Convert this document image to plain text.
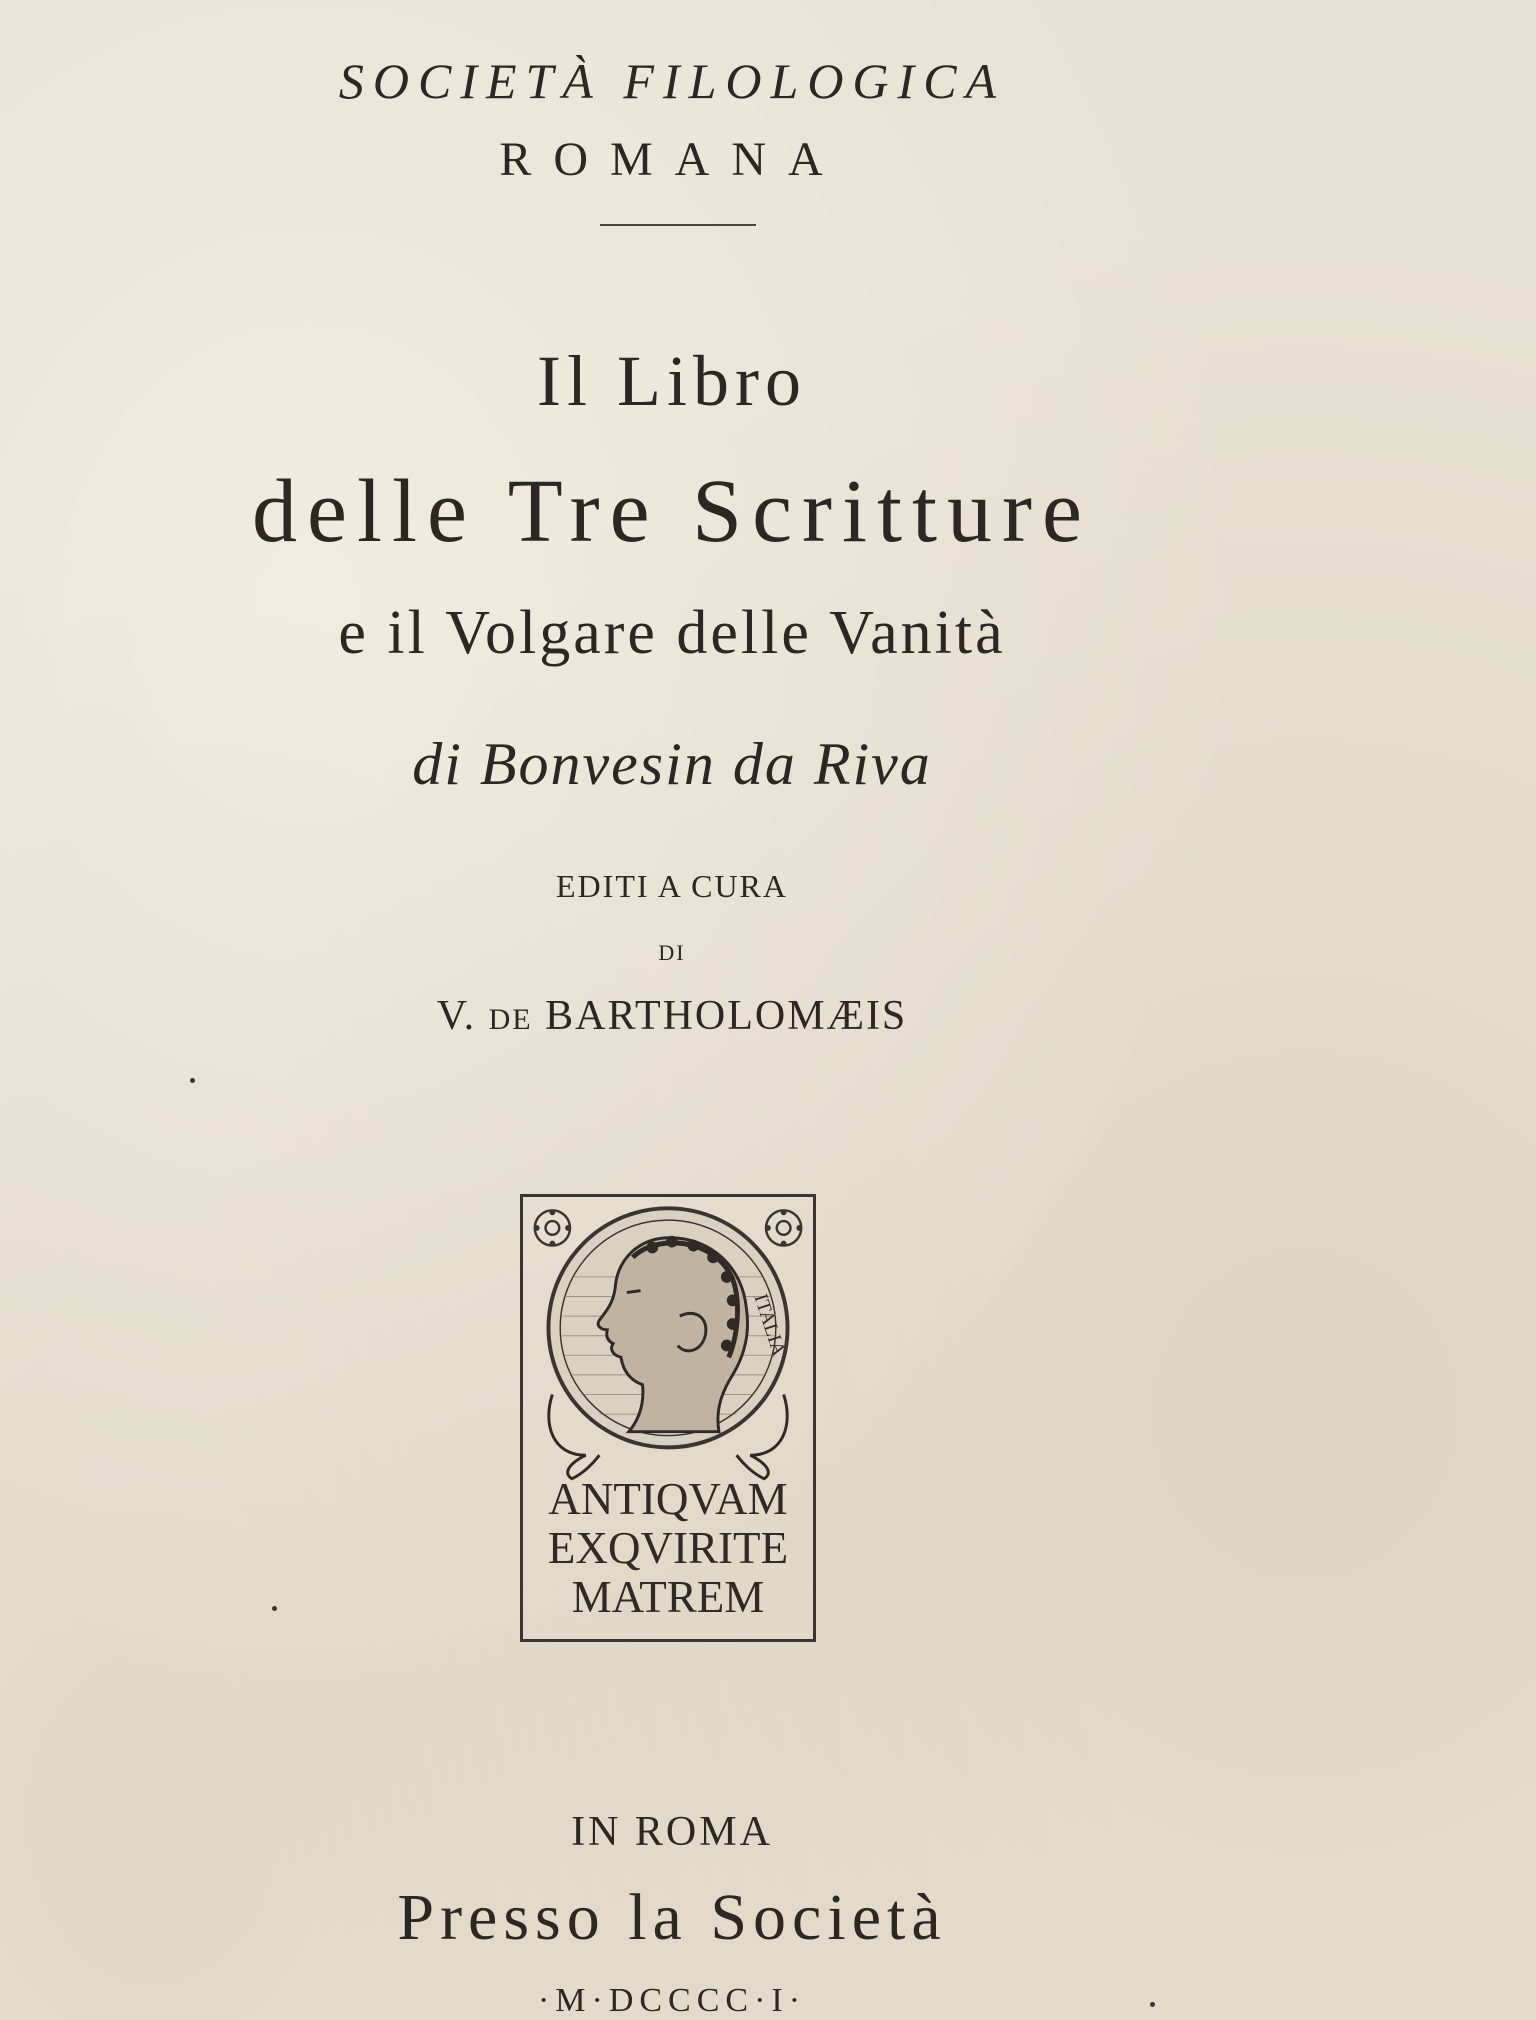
SOCIETÀ FILOLOGICA
ROMANA
Il Libro
delle Tre Scritture
e il Volgare delle Vanità
di Bonvesin da Riva
EDITI A CURA
DI
V. DE BARTHOLOMÆIS
ITALIA
ANTIQVAM
EXQVIRITE
MATREM
IN ROMA
Presso la Società
·M·DCCCC·I·
